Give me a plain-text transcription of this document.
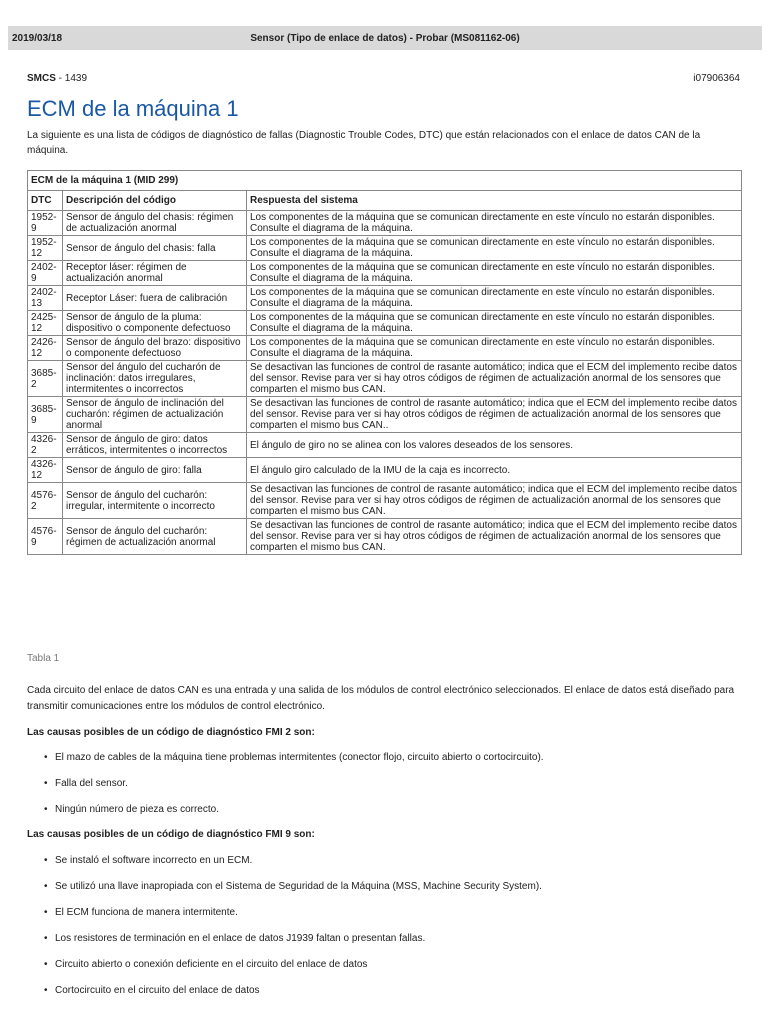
2019/03/18	Sensor (Tipo de enlace de datos) - Probar (MS081162-06)
SMCS - 1439	i07906364
ECM de la máquina 1

La siguiente es una lista de códigos de diagnóstico de fallas (Diagnostic Trouble Codes, DTC) que están relacionados con el enlace de datos CAN de la máquina.

ECM de la máquina 1 (MID 299)		
DTC	Descripción del código	Respuesta del sistema
1952-9	Sensor de ángulo del chasis: régimen de actualización anormal	Los componentes de la máquina que se comunican directamente en este vínculo no estarán disponibles. Consulte el diagrama de la máquina.
1952-12	Sensor de ángulo del chasis: falla	Los componentes de la máquina que se comunican directamente en este vínculo no estarán disponibles. Consulte el diagrama de la máquina.
2402-9	Receptor láser: régimen de actualización anormal	Los componentes de la máquina que se comunican directamente en este vínculo no estarán disponibles. Consulte el diagrama de la máquina.
2402-13	Receptor Láser: fuera de calibración	Los componentes de la máquina que se comunican directamente en este vínculo no estarán disponibles. Consulte el diagrama de la máquina.
2425-12	Sensor de ángulo de la pluma: dispositivo o componente defectuoso	Los componentes de la máquina que se comunican directamente en este vínculo no estarán disponibles. Consulte el diagrama de la máquina.
2426-12	Sensor de ángulo del brazo: dispositivo o componente defectuoso	Los componentes de la máquina que se comunican directamente en este vínculo no estarán disponibles. Consulte el diagrama de la máquina.
3685-2	Sensor del ángulo del cucharón de inclinación: datos irregulares, intermitentes o incorrectos	Se desactivan las funciones de control de rasante automático; indica que el ECM del implemento recibe datos del sensor. Revise para ver si hay otros códigos de régimen de actualización anormal de los sensores que comparten el mismo bus CAN.
3685-9	Sensor de ángulo de inclinación del cucharón: régimen de actualización anormal	Se desactivan las funciones de control de rasante automático; indica que el ECM del implemento recibe datos del sensor. Revise para ver si hay otros códigos de régimen de actualización anormal de los sensores que comparten el mismo bus CAN..
4326-2	Sensor de ángulo de giro: datos erráticos, intermitentes o incorrectos	El ángulo de giro no se alinea con los valores deseados de los sensores.
4326-12	Sensor de ángulo de giro: falla	El ángulo giro calculado de la IMU de la caja es incorrecto.
4576-2	Sensor de ángulo del cucharón: irregular, intermitente o incorrecto	Se desactivan las funciones de control de rasante automático; indica que el ECM del implemento recibe datos del sensor. Revise para ver si hay otros códigos de régimen de actualización anormal de los sensores que comparten el mismo bus CAN.
4576-9	Sensor de ángulo del cucharón: régimen de actualización anormal	Se desactivan las funciones de control de rasante automático; indica que el ECM del implemento recibe datos del sensor. Revise para ver si hay otros códigos de régimen de actualización anormal de los sensores que comparten el mismo bus CAN.
Tabla 1

Cada circuito del enlace de datos CAN es una entrada y una salida de los módulos de control electrónico seleccionados. El enlace de datos está diseñado para transmitir comunicaciones entre los módulos de control electrónico.

Las causas posibles de un código de diagnóstico FMI 2 son:

• El mazo de cables de la máquina tiene problemas intermitentes (conector flojo, circuito abierto o cortocircuito).
• Falla del sensor.
• Ningún número de pieza es correcto.

Las causas posibles de un código de diagnóstico FMI 9 son:

• Se instaló el software incorrecto en un ECM.
• Se utilizó una llave inapropiada con el Sistema de Seguridad de la Máquina (MSS, Machine Security System).
• El ECM funciona de manera intermitente.
• Los resistores de terminación en el enlace de datos J1939 faltan o presentan fallas.
• Circuito abierto o conexión deficiente en el circuito del enlace de datos
• Cortocircuito en el circuito del enlace de datos
